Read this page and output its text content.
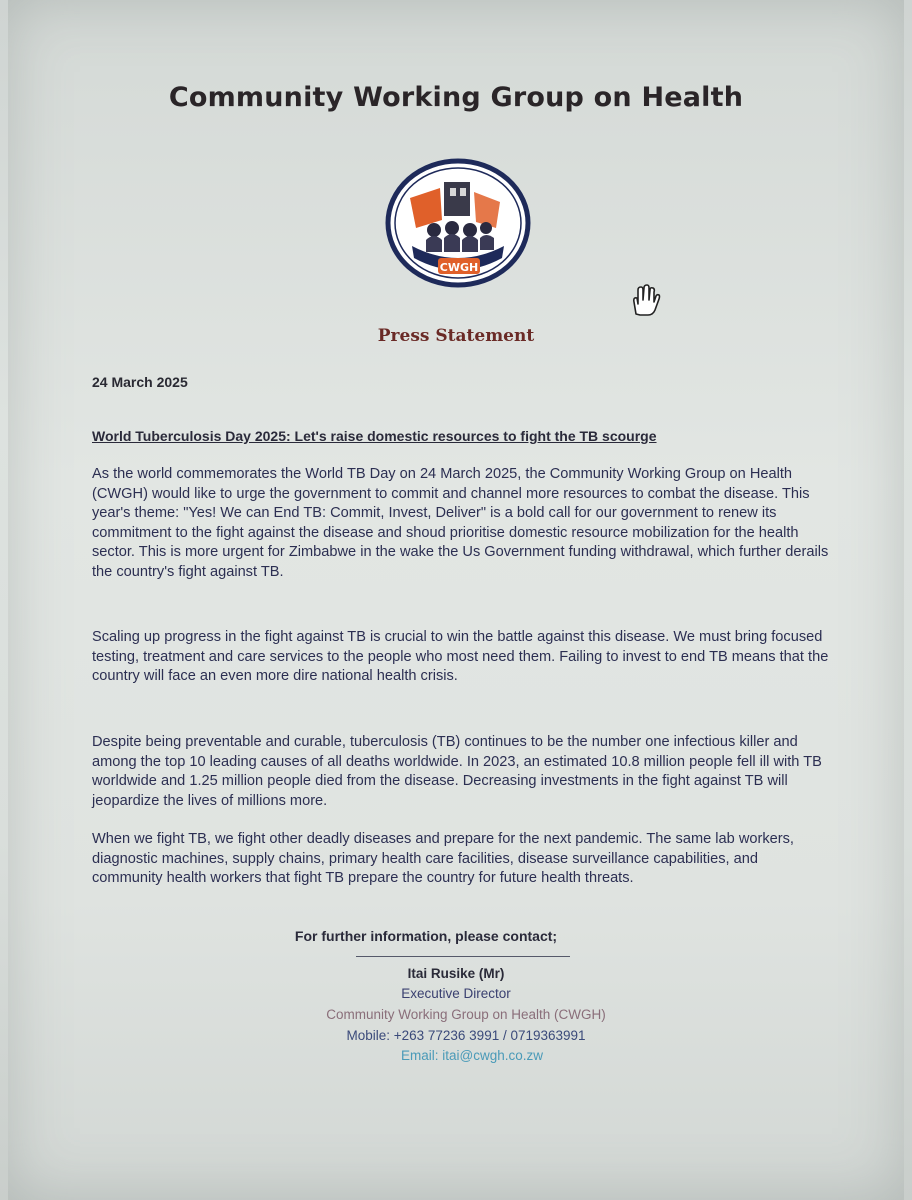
Community Working Group on Health
CWGH
Press Statement
24 March 2025
World Tuberculosis Day 2025: Let's raise domestic resources to fight the TB scourge

As the world commemorates the World TB Day on 24 March 2025, the Community Working Group on Health (CWGH) would like to urge the government to commit and channel more resources to combat the disease. This year's theme: "Yes! We can End TB: Commit, Invest, Deliver" is a bold call for our government to renew its commitment to the fight against the disease and shoud prioritise domestic resource mobilization for the health sector. This is more urgent for Zimbabwe in the wake the Us Government funding withdrawal, which further derails the country's fight against TB.

Scaling up progress in the fight against TB is crucial to win the battle against this disease. We must bring focused testing, treatment and care services to the people who most need them. Failing to invest to end TB means that the country will face an even more dire national health crisis.

Despite being preventable and curable, tuberculosis (TB) continues to be the number one infectious killer and among the top 10 leading causes of all deaths worldwide. In 2023, an estimated 10.8 million people fell ill with TB worldwide and 1.25 million people died from the disease. Decreasing investments in the fight against TB will jeopardize the lives of millions more.

When we fight TB, we fight other deadly diseases and prepare for the next pandemic. The same lab workers, diagnostic machines, supply chains, primary health care facilities, disease surveillance capabilities, and community health workers that fight TB prepare the country for future health threats.

For further information, please contact;
Itai Rusike (Mr)
Executive Director
Community Working Group on Health (CWGH)
Mobile: +263 77236 3991 / 0719363991
Email: itai@cwgh.co.zw
